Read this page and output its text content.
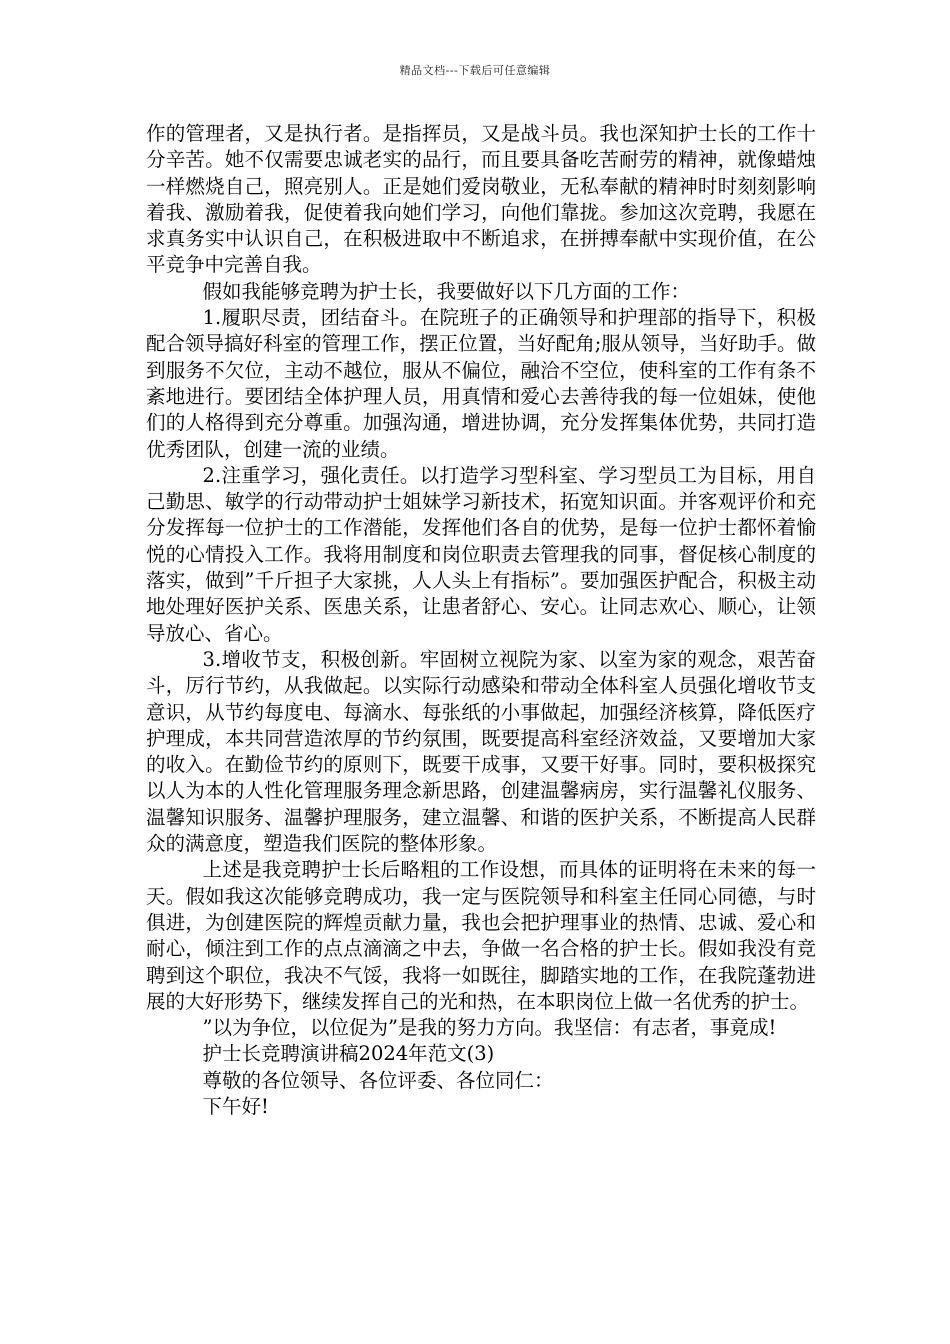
精品文档---下载后可任意编辑

作的管理者，又是执行者。是指挥员，又是战斗员。我也深知护士长的工作十分辛苦。她不仅需要忠诚老实的品行，而且要具备吃苦耐劳的精神，就像蜡烛一样燃烧自己，照亮别人。正是她们爱岗敬业，无私奉献的精神时时刻刻影响着我、激励着我，促使着我向她们学习，向他们靠拢。参加这次竞聘，我愿在求真务实中认识自己，在积极进取中不断追求，在拼搏奉献中实现价值，在公平竞争中完善自我。

假如我能够竞聘为护士长，我要做好以下几方面的工作：

1.履职尽责，团结奋斗。在院班子的正确领导和护理部的指导下，积极配合领导搞好科室的管理工作，摆正位置，当好配角;服从领导，当好助手。做到服务不欠位，主动不越位，服从不偏位，融洽不空位，使科室的工作有条不紊地进行。要团结全体护理人员，用真情和爱心去善待我的每一位姐妹，使他们的人格得到充分尊重。加强沟通，增进协调，充分发挥集体优势，共同打造优秀团队，创建一流的业绩。

2.注重学习，强化责任。以打造学习型科室、学习型员工为目标，用自己勤思、敏学的行动带动护士姐妹学习新技术，拓宽知识面。并客观评价和充分发挥每一位护士的工作潜能，发挥他们各自的优势，是每一位护士都怀着愉悦的心情投入工作。我将用制度和岗位职责去管理我的同事，督促核心制度的落实，做到”千斤担子大家挑，人人头上有指标”。要加强医护配合，积极主动地处理好医护关系、医患关系，让患者舒心、安心。让同志欢心、顺心，让领导放心、省心。

3.增收节支，积极创新。牢固树立视院为家、以室为家的观念，艰苦奋斗，厉行节约，从我做起。以实际行动感染和带动全体科室人员强化增收节支意识，从节约每度电、每滴水、每张纸的小事做起，加强经济核算，降低医疗护理成，本共同营造浓厚的节约氛围，既要提高科室经济效益，又要增加大家的收入。在勤俭节约的原则下，既要干成事，又要干好事。同时，要积极探究以人为本的人性化管理服务理念新思路，创建温馨病房，实行温馨礼仪服务、温馨知识服务、温馨护理服务，建立温馨、和谐的医护关系，不断提高人民群众的满意度，塑造我们医院的整体形象。

上述是我竞聘护士长后略粗的工作设想，而具体的证明将在未来的每一天。假如我这次能够竞聘成功，我一定与医院领导和科室主任同心同德，与时俱进，为创建医院的辉煌贡献力量，我也会把护理事业的热情、忠诚、爱心和耐心，倾注到工作的点点滴滴之中去，争做一名合格的护士长。假如我没有竞聘到这个职位，我决不气馁，我将一如既往，脚踏实地的工作，在我院蓬勃进展的大好形势下，继续发挥自己的光和热，在本职岗位上做一名优秀的护士。

”以为争位，以位促为”是我的努力方向。我坚信：有志者，事竟成!

护士长竞聘演讲稿2024年范文(3)

尊敬的各位领导、各位评委、各位同仁：

下午好!
